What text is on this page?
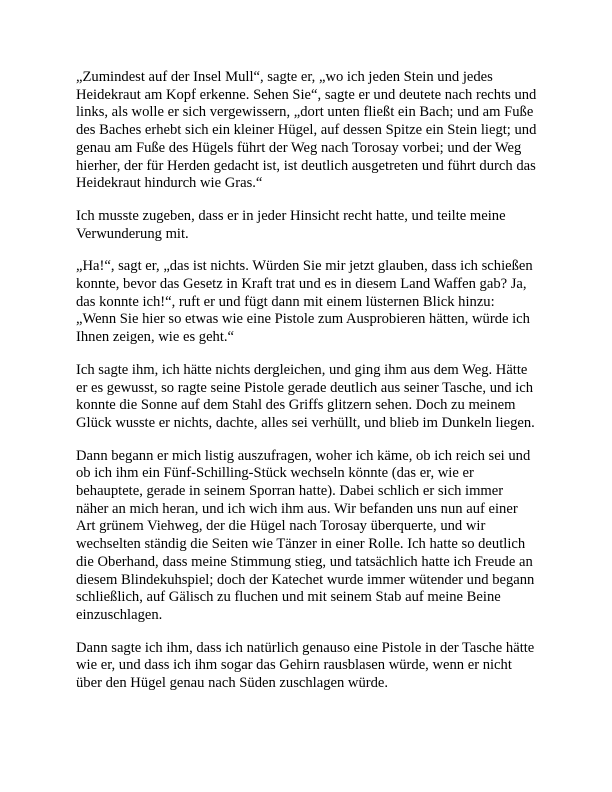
„Zumindest auf der Insel Mull“, sagte er, „wo ich jeden Stein und jedes Heidekraut am Kopf erkenne. Sehen Sie“, sagte er und deutete nach rechts und links, als wolle er sich vergewissern, „dort unten fließt ein Bach; und am Fuße des Baches erhebt sich ein kleiner Hügel, auf dessen Spitze ein Stein liegt; und genau am Fuße des Hügels führt der Weg nach Torosay vorbei; und der Weg hierher, der für Herden gedacht ist, ist deutlich ausgetreten und führt durch das Heidekraut hindurch wie Gras.“

Ich musste zugeben, dass er in jeder Hinsicht recht hatte, und teilte meine Verwunderung mit.

„Ha!“, sagt er, „das ist nichts. Würden Sie mir jetzt glauben, dass ich schießen konnte, bevor das Gesetz in Kraft trat und es in diesem Land Waffen gab? Ja, das konnte ich!“, ruft er und fügt dann mit einem lüsternen Blick hinzu: „Wenn Sie hier so etwas wie eine Pistole zum Ausprobieren hätten, würde ich Ihnen zeigen, wie es geht.“

Ich sagte ihm, ich hätte nichts dergleichen, und ging ihm aus dem Weg. Hätte er es gewusst, so ragte seine Pistole gerade deutlich aus seiner Tasche, und ich konnte die Sonne auf dem Stahl des Griffs glitzern sehen. Doch zu meinem Glück wusste er nichts, dachte, alles sei verhüllt, und blieb im Dunkeln liegen.

Dann begann er mich listig auszufragen, woher ich käme, ob ich reich sei und ob ich ihm ein Fünf-Schilling-Stück wechseln könnte (das er, wie er behauptete, gerade in seinem Sporran hatte). Dabei schlich er sich immer näher an mich heran, und ich wich ihm aus. Wir befanden uns nun auf einer Art grünem Viehweg, der die Hügel nach Torosay überquerte, und wir wechselten ständig die Seiten wie Tänzer in einer Rolle. Ich hatte so deutlich die Oberhand, dass meine Stimmung stieg, und tatsächlich hatte ich Freude an diesem Blindekuhspiel; doch der Katechet wurde immer wütender und begann schließlich, auf Gälisch zu fluchen und mit seinem Stab auf meine Beine einzuschlagen.

Dann sagte ich ihm, dass ich natürlich genauso eine Pistole in der Tasche hätte wie er, und dass ich ihm sogar das Gehirn rausblasen würde, wenn er nicht über den Hügel genau nach Süden zuschlagen würde.
